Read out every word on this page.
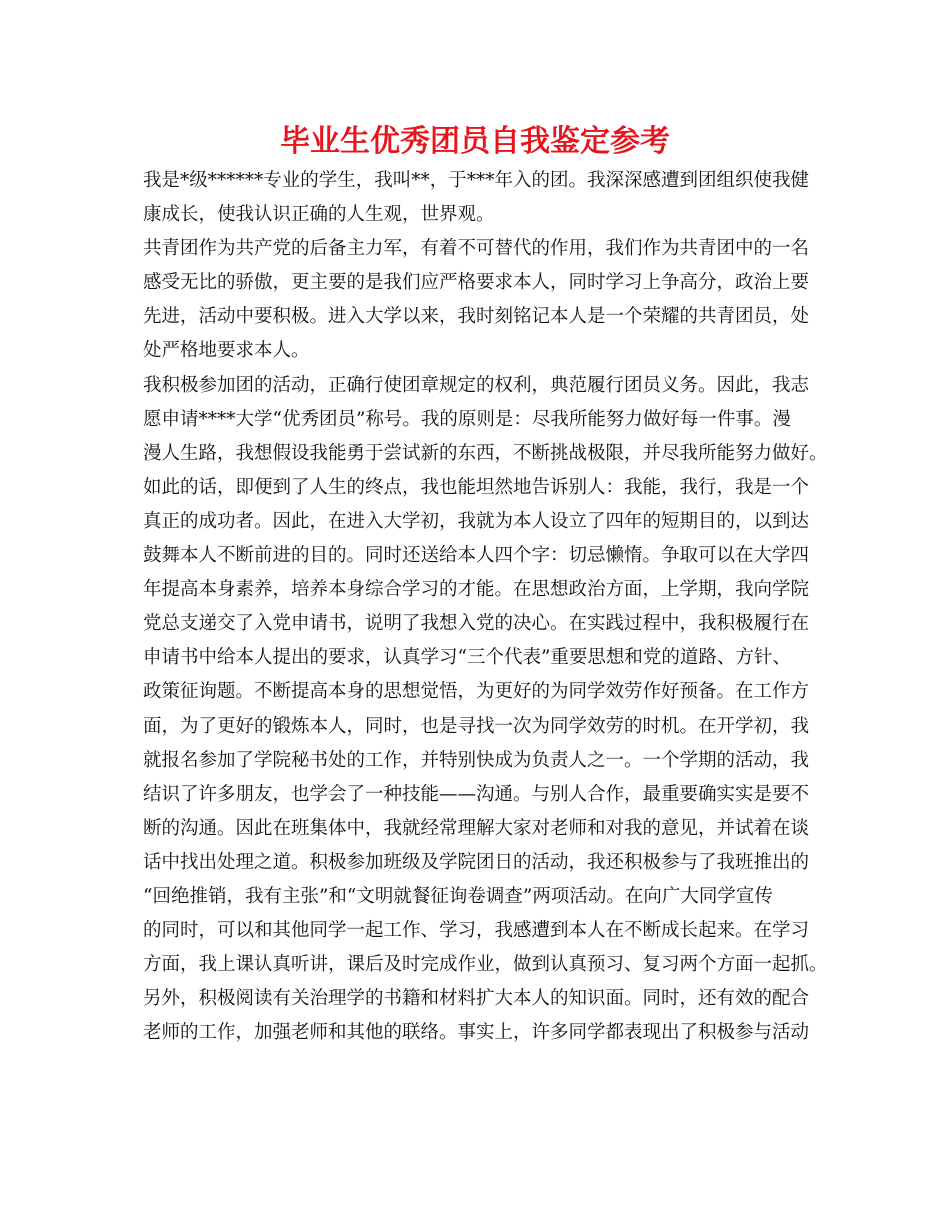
毕业生优秀团员自我鉴定参考
我是*级******专业的学生，我叫**，于***年入的团。我深深感遭到团组织使我健
康成长，使我认识正确的人生观，世界观。
共青团作为共产党的后备主力军，有着不可替代的作用，我们作为共青团中的一名
感受无比的骄傲，更主要的是我们应严格要求本人，同时学习上争高分，政治上要
先进，活动中要积极。进入大学以来，我时刻铭记本人是一个荣耀的共青团员，处
处严格地要求本人。
我积极参加团的活动，正确行使团章规定的权利，典范履行团员义务。因此，我志
愿申请****大学“优秀团员”称号。我的原则是：尽我所能努力做好每一件事。漫
漫人生路，我想假设我能勇于尝试新的东西，不断挑战极限，并尽我所能努力做好。
如此的话，即便到了人生的终点，我也能坦然地告诉别人：我能，我行，我是一个
真正的成功者。因此，在进入大学初，我就为本人设立了四年的短期目的，以到达
鼓舞本人不断前进的目的。同时还送给本人四个字：切忌懒惰。争取可以在大学四
年提高本身素养，培养本身综合学习的才能。在思想政治方面，上学期，我向学院
党总支递交了入党申请书，说明了我想入党的决心。在实践过程中，我积极履行在
申请书中给本人提出的要求，认真学习“三个代表”重要思想和党的道路、方针、
政策征询题。不断提高本身的思想觉悟，为更好的为同学效劳作好预备。在工作方
面，为了更好的锻炼本人，同时，也是寻找一次为同学效劳的时机。在开学初，我
就报名参加了学院秘书处的工作，并特别快成为负责人之一。一个学期的活动，我
结识了许多朋友，也学会了一种技能——沟通。与别人合作，最重要确实实是要不
断的沟通。因此在班集体中，我就经常理解大家对老师和对我的意见，并试着在谈
话中找出处理之道。积极参加班级及学院团日的活动，我还积极参与了我班推出的
“回绝推销，我有主张”和“文明就餐征询卷调查”两项活动。在向广大同学宣传
的同时，可以和其他同学一起工作、学习，我感遭到本人在不断成长起来。在学习
方面，我上课认真听讲，课后及时完成作业，做到认真预习、复习两个方面一起抓。
另外，积极阅读有关治理学的书籍和材料扩大本人的知识面。同时，还有效的配合
老师的工作，加强老师和其他的联络。事实上，许多同学都表现出了积极参与活动
